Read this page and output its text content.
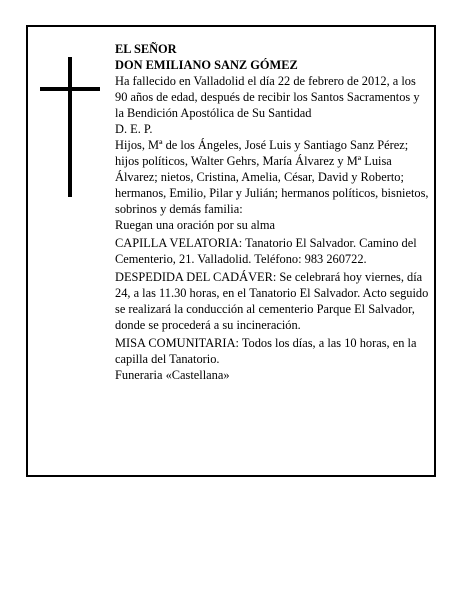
EL SEÑOR

DON EMILIANO SANZ GÓMEZ

Ha fallecido en Valladolid el día 22 de febrero de 2012, a los 90 años de edad, después de recibir los Santos Sacramentos y la Bendición Apostólica de Su Santidad

D. E. P.

Hijos, Mª de los Ángeles, José Luis y Santiago Sanz Pérez; hijos políticos, Walter Gehrs, María Álvarez y Mª Luisa Álvarez; nietos, Cristina, Amelia, César, David y Roberto; hermanos, Emilio, Pilar y Julián; hermanos políticos, bisnietos, sobrinos y demás familia:

Ruegan una oración por su alma

CAPILLA VELATORIA: Tanatorio El Salvador. Camino del Cementerio, 21. Valladolid. Teléfono: 983 260722.

DESPEDIDA DEL CADÁVER: Se celebrará hoy viernes, día 24, a las 11.30 horas, en el Tanatorio El Salvador. Acto seguido se realizará la conducción al cementerio Parque El Salvador, donde se procederá a su incineración.

MISA COMUNITARIA: Todos los días, a las 10 horas, en la capilla del Tanatorio.

Funeraria «Castellana»
